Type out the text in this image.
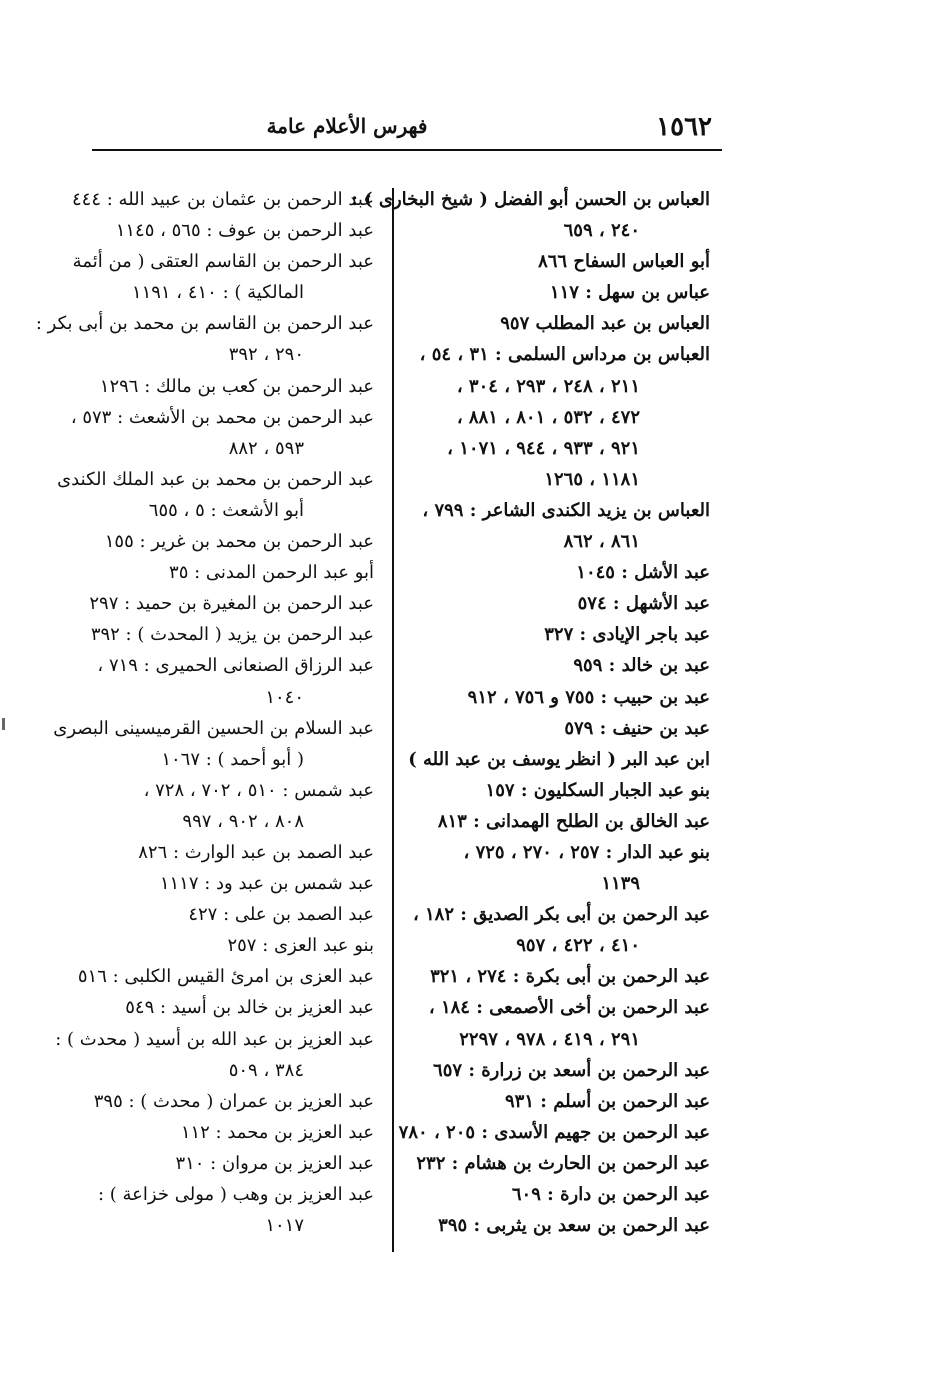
١٥٦٢
فهرس الأعلام عامة
العباس بن الحسن أبو الفضل ( شيخ البخارى ) :
٢٤٠ ، ٦٥٩
أبو العباس السفاح ٨٦٦
عباس بن سهل : ١١٧
العباس بن عبد المطلب ٩٥٧
العباس بن مرداس السلمى : ٣١ ، ٥٤ ،
٢١١ ، ٢٤٨ ، ٢٩٣ ، ٣٠٤ ،
٤٧٢ ، ٥٣٢ ، ٨٠١ ، ٨٨١ ،
٩٢١ ، ٩٣٣ ، ٩٤٤ ، ١٠٧١ ،
١١٨١ ، ١٢٦٥
العباس بن يزيد الكندى الشاعر : ٧٩٩ ،
٨٦١ ، ٨٦٢
عبد الأشل : ١٠٤٥
عبد الأشهل : ٥٧٤
عبد باجر الإيادى : ٣٢٧
عبد بن خالد : ٩٥٩
عبد بن حبيب : ٧٥٥ و ٧٥٦ ، ٩١٢
عبد بن حنيف : ٥٧٩
ابن عبد البر ( انظر يوسف بن عبد الله )
بنو عبد الجبار السكليون : ١٥٧
عبد الخالق بن الطلح الهمدانى : ٨١٣
بنو عبد الدار : ٢٥٧ ، ٢٧٠ ، ٧٢٥ ،
١١٣٩
عبد الرحمن بن أبى بكر الصديق : ١٨٢ ،
٤١٠ ، ٤٢٢ ، ٩٥٧
عبد الرحمن بن أبى بكرة : ٢٧٤ ، ٣٢١
عبد الرحمن بن أخى الأصمعى : ١٨٤ ،
٢٩١ ، ٤١٩ ، ٩٧٨ ، ٢٢٩٧
عبد الرحمن بن أسعد بن زرارة : ٦٥٧
عبد الرحمن بن أسلم : ٩٣١
عبد الرحمن بن جهيم الأسدى : ٢٠٥ ، ٧٨٠
عبد الرحمن بن الحارث بن هشام : ٢٣٢
عبد الرحمن بن دارة : ٦٠٩
عبد الرحمن بن سعد بن يثربى : ٣٩٥
عبد الرحمن بن عثمان بن عبيد الله : ٤٤٤
عبد الرحمن بن عوف : ٥٦٥ ، ١١٤٥
عبد الرحمن بن القاسم العتقى ( من أئمة
المالكية ) : ٤١٠ ، ١١٩١
عبد الرحمن بن القاسم بن محمد بن أبى بكر :
٢٩٠ ، ٣٩٢
عبد الرحمن بن كعب بن مالك : ١٢٩٦
عبد الرحمن بن محمد بن الأشعث : ٥٧٣ ،
٥٩٣ ، ٨٨٢
عبد الرحمن بن محمد بن عبد الملك الكندى
أبو الأشعث : ٥ ، ٦٥٥
عبد الرحمن بن محمد بن غرير : ١٥٥
أبو عبد الرحمن المدنى : ٣٥
عبد الرحمن بن المغيرة بن حميد : ٢٩٧
عبد الرحمن بن يزيد ( المحدث ) : ٣٩٢
عبد الرزاق الصنعانى الحميرى : ٧١٩ ،
١٠٤٠
عبد السلام بن الحسين القرميسينى البصرى
( أبو أحمد ) : ١٠٦٧
عبد شمس : ٥١٠ ، ٧٠٢ ، ٧٢٨ ،
٨٠٨ ، ٩٠٢ ، ٩٩٧
عبد الصمد بن عبد الوارث : ٨٢٦
عبد شمس بن عبد ود : ١١١٧
عبد الصمد بن على : ٤٢٧
بنو عبد العزى : ٢٥٧
عبد العزى بن امرئ القيس الكلبى : ٥١٦
عبد العزيز بن خالد بن أسيد : ٥٤٩
عبد العزيز بن عبد الله بن أسيد ( محدث ) :
٣٨٤ ، ٥٠٩
عبد العزيز بن عمران ( محدث ) : ٣٩٥
عبد العزيز بن محمد : ١١٢
عبد العزيز بن مروان : ٣١٠
عبد العزيز بن وهب ( مولى خزاعة ) :
١٠١٧
